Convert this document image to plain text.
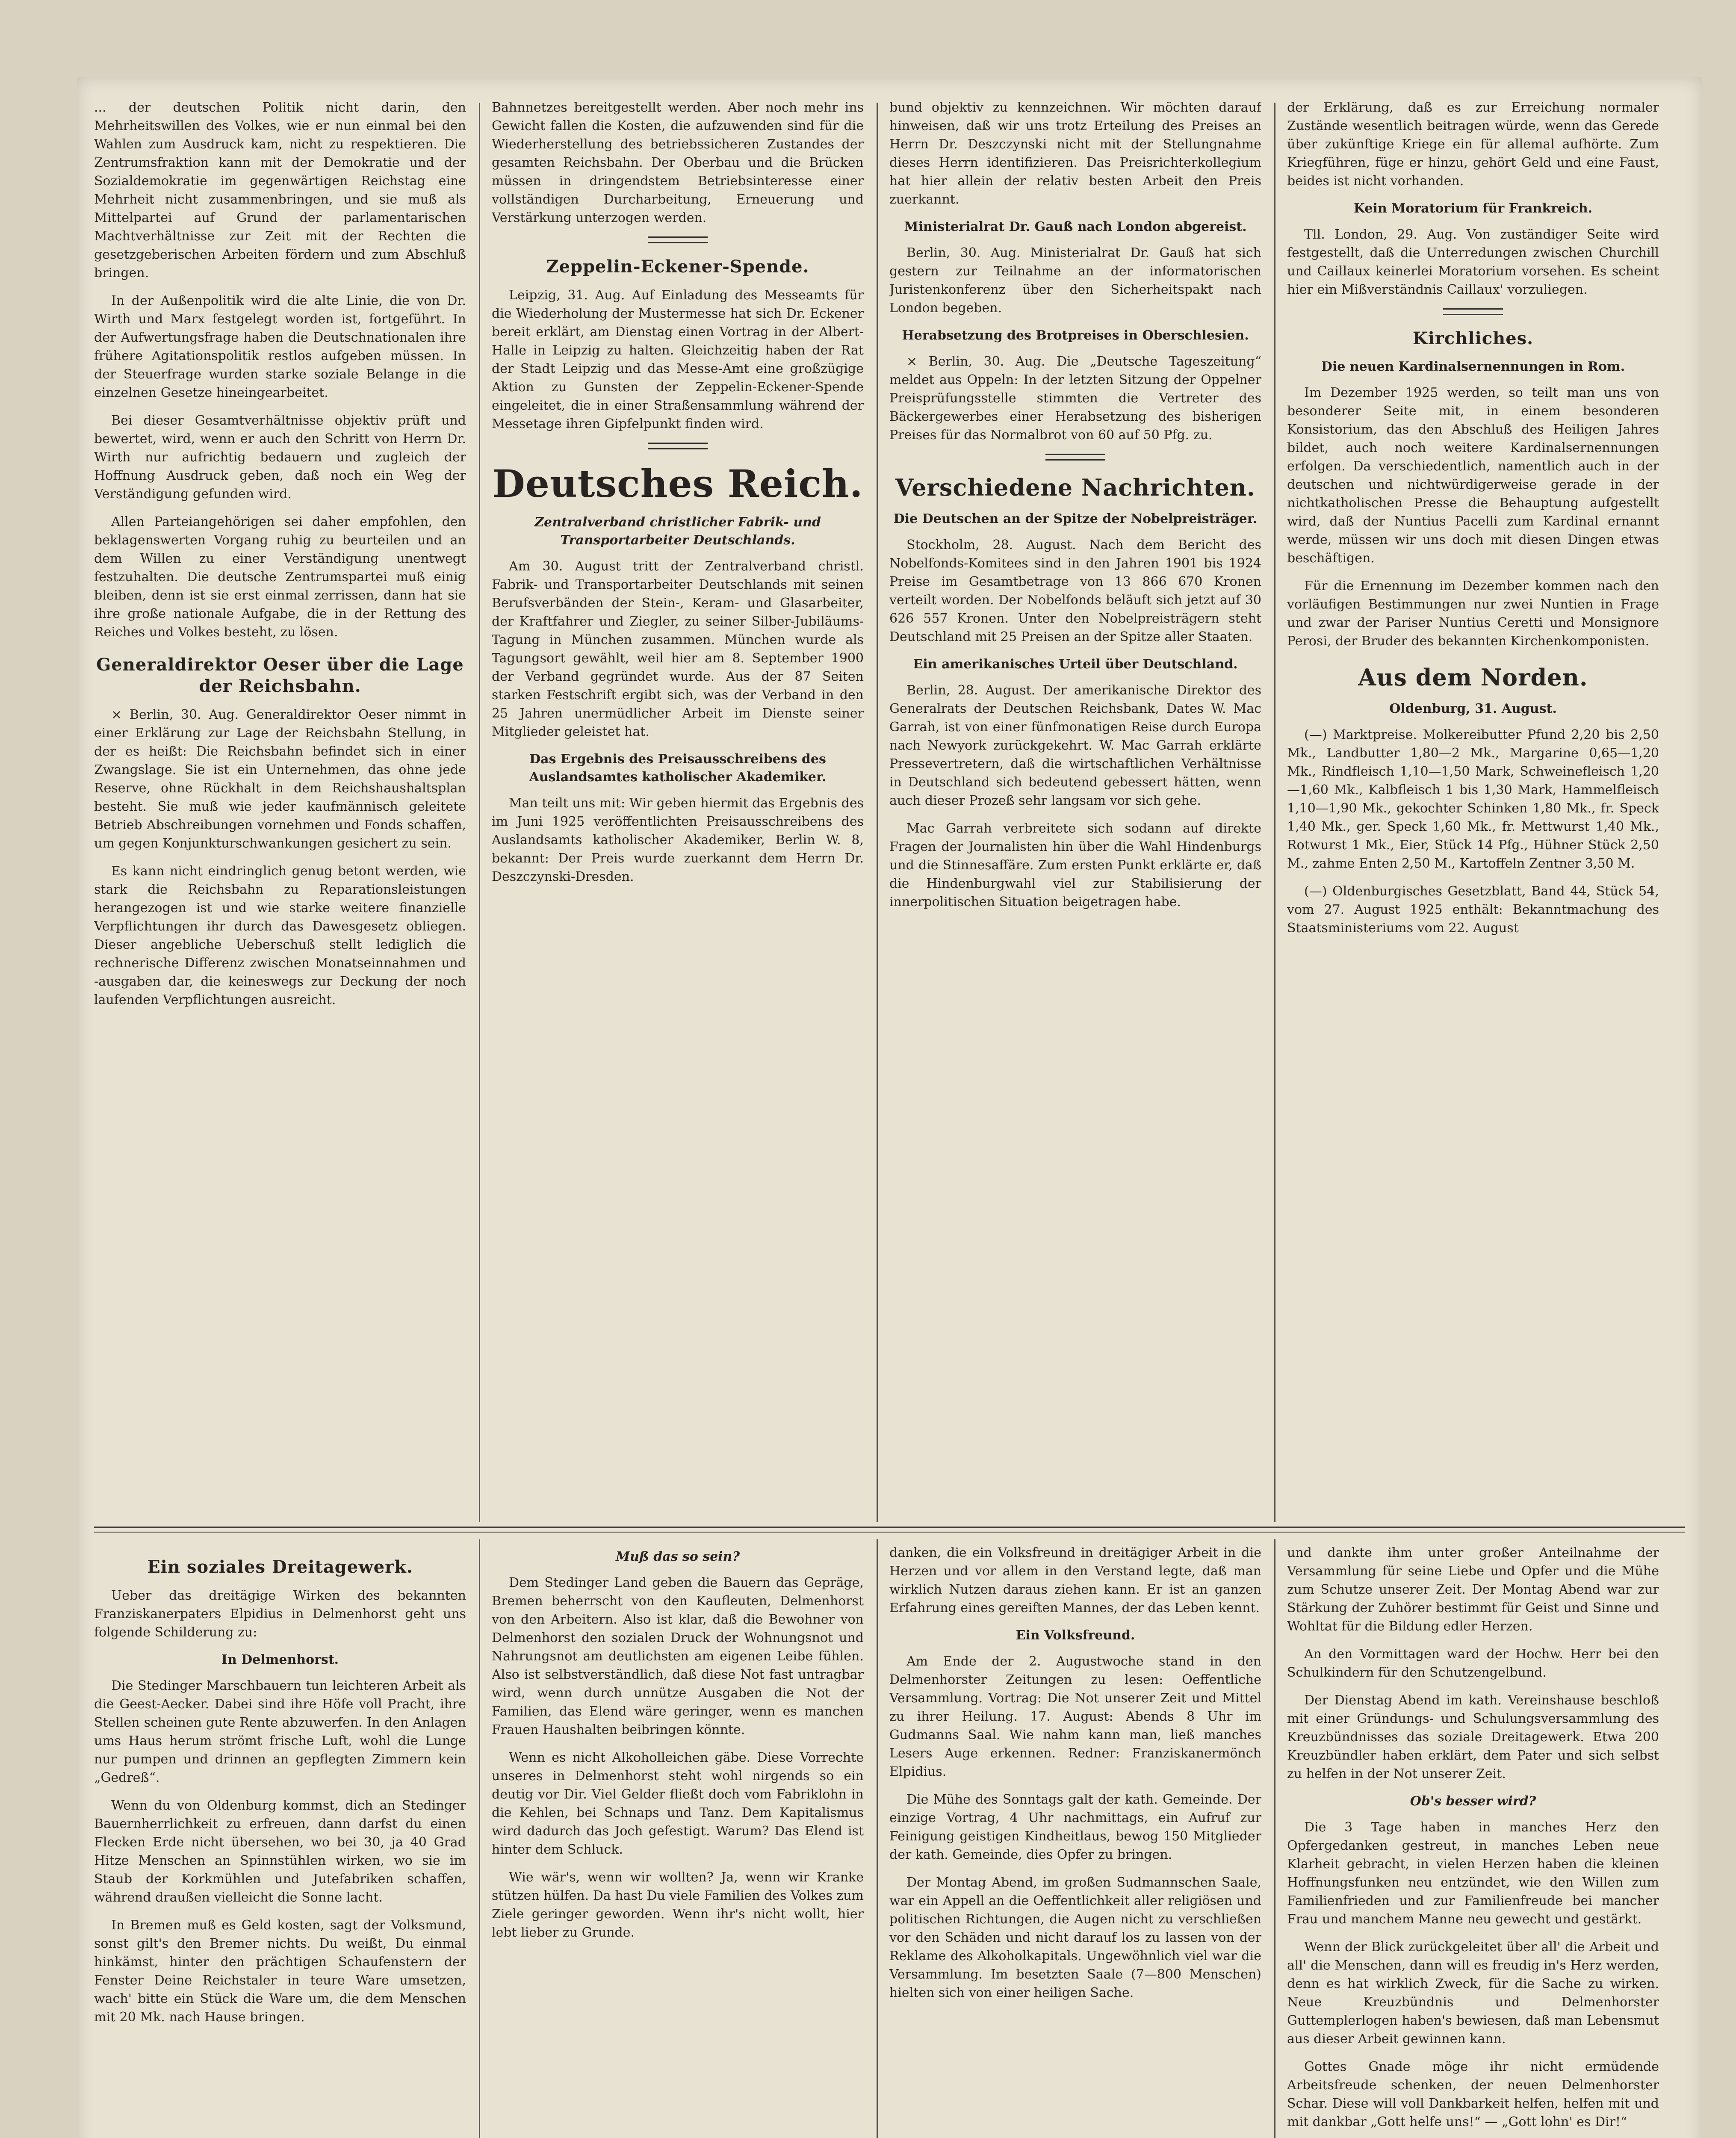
... der deutschen Politik nicht darin, den Mehrheitswillen des Volkes, wie er nun einmal bei den Wahlen zum Ausdruck kam, nicht zu respektieren. Die Zentrumsfraktion kann mit der Demokratie und der Sozialdemokratie im gegenwärtigen Reichstag eine Mehrheit nicht zusammenbringen, und sie muß als Mittelpartei auf Grund der parlamentarischen Machtverhältnisse zur Zeit mit der Rechten die gesetzgeberischen Arbeiten fördern und zum Abschluß bringen.

In der Außenpolitik wird die alte Linie, die von Dr. Wirth und Marx festgelegt worden ist, fortgeführt. In der Aufwertungsfrage haben die Deutschnationalen ihre frühere Agitationspolitik restlos aufgeben müssen. In der Steuerfrage wurden starke soziale Belange in die einzelnen Gesetze hineingearbeitet.

Bei dieser Gesamtverhältnisse objektiv prüft und bewertet, wird, wenn er auch den Schritt von Herrn Dr. Wirth nur aufrichtig bedauern und zugleich der Hoffnung Ausdruck geben, daß noch ein Weg der Verständigung gefunden wird.

Allen Parteiangehörigen sei daher empfohlen, den beklagenswerten Vorgang ruhig zu beurteilen und an dem Willen zu einer Verständigung unentwegt festzuhalten. Die deutsche Zentrumspartei muß einig bleiben, denn ist sie erst einmal zerrissen, dann hat sie ihre große nationale Aufgabe, die in der Rettung des Reiches und Volkes besteht, zu lösen.

Generaldirektor Oeser über die Lage der Reichsbahn.

× Berlin, 30. Aug. Generaldirektor Oeser nimmt in einer Erklärung zur Lage der Reichsbahn Stellung, in der es heißt: Die Reichsbahn befindet sich in einer Zwangslage. Sie ist ein Unternehmen, das ohne jede Reserve, ohne Rückhalt in dem Reichshaushaltsplan besteht. Sie muß wie jeder kaufmännisch geleitete Betrieb Abschreibungen vornehmen und Fonds schaffen, um gegen Konjunkturschwankungen gesichert zu sein.

Es kann nicht eindringlich genug betont werden, wie stark die Reichsbahn zu Reparationsleistungen herangezogen ist und wie starke weitere finanzielle Verpflichtungen ihr durch das Dawesgesetz obliegen. Dieser angebliche Ueberschuß stellt lediglich die rechnerische Differenz zwischen Monatseinnahmen und -ausgaben dar, die keineswegs zur Deckung der noch laufenden Verpflichtungen ausreicht.

Bahnnetzes bereitgestellt werden. Aber noch mehr ins Gewicht fallen die Kosten, die aufzuwenden sind für die Wiederherstellung des betriebssicheren Zustandes der gesamten Reichsbahn. Der Oberbau und die Brücken müssen in dringendstem Betriebsinteresse einer vollständigen Durcharbeitung, Erneuerung und Verstärkung unterzogen werden.

Zeppelin-Eckener-Spende.

Leipzig, 31. Aug. Auf Einladung des Messeamts für die Wiederholung der Mustermesse hat sich Dr. Eckener bereit erklärt, am Dienstag einen Vortrag in der Albert-Halle in Leipzig zu halten. Gleichzeitig haben der Rat der Stadt Leipzig und das Messe-Amt eine großzügige Aktion zu Gunsten der Zeppelin-Eckener-Spende eingeleitet, die in einer Straßensammlung während der Messetage ihren Gipfelpunkt finden wird.

Deutsches Reich.
Zentralverband christlicher Fabrik- und Transportarbeiter Deutschlands.

Am 30. August tritt der Zentralverband christl. Fabrik- und Transportarbeiter Deutschlands mit seinen Berufsverbänden der Stein-, Keram- und Glasarbeiter, der Kraftfahrer und Ziegler, zu seiner Silber-Jubiläums-Tagung in München zusammen. München wurde als Tagungsort gewählt, weil hier am 8. September 1900 der Verband gegründet wurde. Aus der 87 Seiten starken Festschrift ergibt sich, was der Verband in den 25 Jahren unermüdlicher Arbeit im Dienste seiner Mitglieder geleistet hat.

Das Ergebnis des Preisausschreibens des Auslandsamtes katholischer Akademiker.

Man teilt uns mit: Wir geben hiermit das Ergebnis des im Juni 1925 veröffentlichten Preisausschreibens des Auslandsamts katholischer Akademiker, Berlin W. 8, bekannt: Der Preis wurde zuerkannt dem Herrn Dr. Deszczynski-Dresden.

bund objektiv zu kennzeichnen. Wir möchten darauf hinweisen, daß wir uns trotz Erteilung des Preises an Herrn Dr. Deszczynski nicht mit der Stellungnahme dieses Herrn identifizieren. Das Preisrichterkollegium hat hier allein der relativ besten Arbeit den Preis zuerkannt.

Ministerialrat Dr. Gauß nach London abgereist.

Berlin, 30. Aug. Ministerialrat Dr. Gauß hat sich gestern zur Teilnahme an der informatorischen Juristenkonferenz über den Sicherheitspakt nach London begeben.

Herabsetzung des Brotpreises in Oberschlesien.

× Berlin, 30. Aug. Die „Deutsche Tageszeitung“ meldet aus Oppeln: In der letzten Sitzung der Oppelner Preisprüfungsstelle stimmten die Vertreter des Bäckergewerbes einer Herabsetzung des bisherigen Preises für das Normalbrot von 60 auf 50 Pfg. zu.

Verschiedene Nachrichten.
Die Deutschen an der Spitze der Nobelpreisträger.

Stockholm, 28. August. Nach dem Bericht des Nobelfonds-Komitees sind in den Jahren 1901 bis 1924 Preise im Gesamtbetrage von 13 866 670 Kronen verteilt worden. Der Nobelfonds beläuft sich jetzt auf 30 626 557 Kronen. Unter den Nobelpreisträgern steht Deutschland mit 25 Preisen an der Spitze aller Staaten.

Ein amerikanisches Urteil über Deutschland.

Berlin, 28. August. Der amerikanische Direktor des Generalrats der Deutschen Reichsbank, Dates W. Mac Garrah, ist von einer fünfmonatigen Reise durch Europa nach Newyork zurückgekehrt. W. Mac Garrah erklärte Pressevertretern, daß die wirtschaftlichen Verhältnisse in Deutschland sich bedeutend gebessert hätten, wenn auch dieser Prozeß sehr langsam vor sich gehe.

Mac Garrah verbreitete sich sodann auf direkte Fragen der Journalisten hin über die Wahl Hindenburgs und die Stinnesaffäre. Zum ersten Punkt erklärte er, daß die Hindenburgwahl viel zur Stabilisierung der innerpolitischen Situation beigetragen habe.

der Erklärung, daß es zur Erreichung normaler Zustände wesentlich beitragen würde, wenn das Gerede über zukünftige Kriege ein für allemal aufhörte. Zum Kriegführen, füge er hinzu, gehört Geld und eine Faust, beides ist nicht vorhanden.

Kein Moratorium für Frankreich.

Tll. London, 29. Aug. Von zuständiger Seite wird festgestellt, daß die Unterredungen zwischen Churchill und Caillaux keinerlei Moratorium vorsehen. Es scheint hier ein Mißverständnis Caillaux' vorzuliegen.

Kirchliches.
Die neuen Kardinalsernennungen in Rom.

Im Dezember 1925 werden, so teilt man uns von besonderer Seite mit, in einem besonderen Konsistorium, das den Abschluß des Heiligen Jahres bildet, auch noch weitere Kardinalsernennungen erfolgen. Da verschiedentlich, namentlich auch in der deutschen und nichtwürdigerweise gerade in der nichtkatholischen Presse die Behauptung aufgestellt wird, daß der Nuntius Pacelli zum Kardinal ernannt werde, müssen wir uns doch mit diesen Dingen etwas beschäftigen.

Für die Ernennung im Dezember kommen nach den vorläufigen Bestimmungen nur zwei Nuntien in Frage und zwar der Pariser Nuntius Ceretti und Monsignore Perosi, der Bruder des bekannten Kirchenkomponisten.

Aus dem Norden.
Oldenburg, 31. August.

(—) Marktpreise. Molkereibutter Pfund 2,20 bis 2,50 Mk., Landbutter 1,80—2 Mk., Margarine 0,65—1,20 Mk., Rindfleisch 1,10—1,50 Mark, Schweinefleisch 1,20—1,60 Mk., Kalbfleisch 1 bis 1,30 Mark, Hammelfleisch 1,10—1,90 Mk., gekochter Schinken 1,80 Mk., fr. Speck 1,40 Mk., ger. Speck 1,60 Mk., fr. Mettwurst 1,40 Mk., Rotwurst 1 Mk., Eier, Stück 14 Pfg., Hühner Stück 2,50 M., zahme Enten 2,50 M., Kartoffeln Zentner 3,50 M.

(—) Oldenburgisches Gesetzblatt, Band 44, Stück 54, vom 27. August 1925 enthält: Bekanntmachung des Staatsministeriums vom 22. August

Ein soziales Dreitagewerk.

Ueber das dreitägige Wirken des bekannten Franziskanerpaters Elpidius in Delmenhorst geht uns folgende Schilderung zu:

In Delmenhorst.

Die Stedinger Marschbauern tun leichteren Arbeit als die Geest-Aecker. Dabei sind ihre Höfe voll Pracht, ihre Stellen scheinen gute Rente abzuwerfen. In den Anlagen ums Haus herum strömt frische Luft, wohl die Lunge nur pumpen und drinnen an gepflegten Zimmern kein „Gedreß“.

Wenn du von Oldenburg kommst, dich an Stedinger Bauernherrlichkeit zu erfreuen, dann darfst du einen Flecken Erde nicht übersehen, wo bei 30, ja 40 Grad Hitze Menschen an Spinnstühlen wirken, wo sie im Staub der Korkmühlen und Jutefabriken schaffen, während draußen vielleicht die Sonne lacht.

In Bremen muß es Geld kosten, sagt der Volksmund, sonst gilt's den Bremer nichts. Du weißt, Du einmal hinkämst, hinter den prächtigen Schaufenstern der Fenster Deine Reichstaler in teure Ware umsetzen, wach' bitte ein Stück die Ware um, die dem Menschen mit 20 Mk. nach Hause bringen.

Muß das so sein?

Dem Stedinger Land geben die Bauern das Gepräge, Bremen beherrscht von den Kaufleuten, Delmenhorst von den Arbeitern. Also ist klar, daß die Bewohner von Delmenhorst den sozialen Druck der Wohnungsnot und Nahrungsnot am deutlichsten am eigenen Leibe fühlen. Also ist selbstverständlich, daß diese Not fast untragbar wird, wenn durch unnütze Ausgaben die Not der Familien, das Elend wäre geringer, wenn es manchen Frauen Haushalten beibringen könnte.

Wenn es nicht Alkoholleichen gäbe. Diese Vorrechte unseres in Delmenhorst steht wohl nirgends so ein deutig vor Dir. Viel Gelder fließt doch vom Fabriklohn in die Kehlen, bei Schnaps und Tanz. Dem Kapitalismus wird dadurch das Joch gefestigt. Warum? Das Elend ist hinter dem Schluck.

Wie wär's, wenn wir wollten? Ja, wenn wir Kranke stützen hülfen. Da hast Du viele Familien des Volkes zum Ziele geringer geworden. Wenn ihr's nicht wollt, hier lebt lieber zu Grunde.

danken, die ein Volksfreund in dreitägiger Arbeit in die Herzen und vor allem in den Verstand legte, daß man wirklich Nutzen daraus ziehen kann. Er ist an ganzen Erfahrung eines gereiften Mannes, der das Leben kennt.

Ein Volksfreund.

Am Ende der 2. Augustwoche stand in den Delmenhorster Zeitungen zu lesen: Oeffentliche Versammlung. Vortrag: Die Not unserer Zeit und Mittel zu ihrer Heilung. 17. August: Abends 8 Uhr im Gudmanns Saal. Wie nahm kann man, ließ manches Lesers Auge erkennen. Redner: Franziskanermönch Elpidius.

Die Mühe des Sonntags galt der kath. Gemeinde. Der einzige Vortrag, 4 Uhr nachmittags, ein Aufruf zur Feinigung geistigen Kindheitlaus, bewog 150 Mitglieder der kath. Gemeinde, dies Opfer zu bringen.

Der Montag Abend, im großen Sudmannschen Saale, war ein Appell an die Oeffentlichkeit aller religiösen und politischen Richtungen, die Augen nicht zu verschließen vor den Schäden und nicht darauf los zu lassen von der Reklame des Alkoholkapitals. Ungewöhnlich viel war die Versammlung. Im besetzten Saale (7—800 Menschen) hielten sich von einer heiligen Sache.

und dankte ihm unter großer Anteilnahme der Versammlung für seine Liebe und Opfer und die Mühe zum Schutze unserer Zeit. Der Montag Abend war zur Stärkung der Zuhörer bestimmt für Geist und Sinne und Wohltat für die Bildung edler Herzen.

An den Vormittagen ward der Hochw. Herr bei den Schulkindern für den Schutzengelbund.

Der Dienstag Abend im kath. Vereinshause beschloß mit einer Gründungs- und Schulungsversammlung des Kreuzbündnisses das soziale Dreitagewerk. Etwa 200 Kreuzbündler haben erklärt, dem Pater und sich selbst zu helfen in der Not unserer Zeit.

Ob's besser wird?

Die 3 Tage haben in manches Herz den Opfergedanken gestreut, in manches Leben neue Klarheit gebracht, in vielen Herzen haben die kleinen Hoffnungsfunken neu entzündet, wie den Willen zum Familienfrieden und zur Familienfreude bei mancher Frau und manchem Manne neu gewecht und gestärkt.

Wenn der Blick zurückgeleitet über all' die Arbeit und all' die Menschen, dann will es freudig in's Herz werden, denn es hat wirklich Zweck, für die Sache zu wirken. Neue Kreuzbündnis und Delmenhorster Guttemplerlogen haben's bewiesen, daß man Lebensmut aus dieser Arbeit gewinnen kann.

Gottes Gnade möge ihr nicht ermüdende Arbeitsfreude schenken, der neuen Delmenhorster Schar. Diese will voll Dankbarkeit helfen, helfen mit und mit dankbar „Gott helfe uns!“ — „Gott lohn' es Dir!“
